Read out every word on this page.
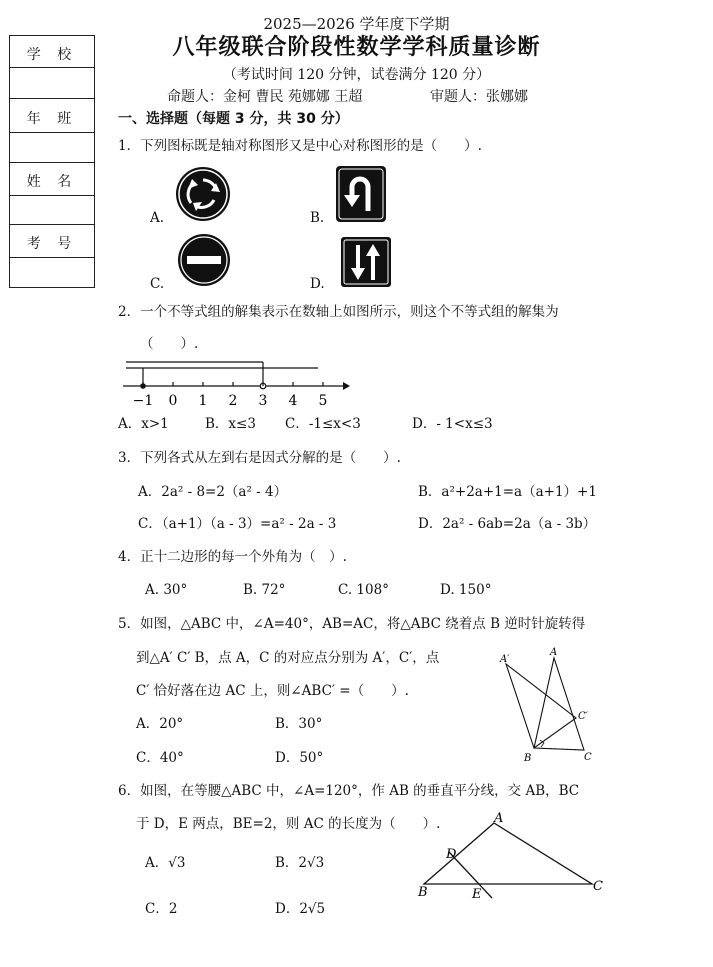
学 校
年 班
姓 名
考 号
2025—2026 学年度下学期
八年级联合阶段性数学学科质量诊断
（考试时间 120 分钟，试卷满分 120 分）
命题人：金柯 曹民 苑娜娜 王超	审题人：张娜娜
一、选择题（每题 3 分，共 30 分）
1．下列图标既是轴对称图形又是中心对称图形的是（　　）.
A.	B.
C.	D.
2．一个不等式组的解集表示在数轴上如图所示，则这个不等式组的解集为
（　　）.
−1 0 1 2 3 4 5
A．x>1	B．x≤3 C．-1≤x<3	D．- 1<x≤3
3．下列各式从左到右是因式分解的是（　　）.
A．2a² - 8=2（a² - 4）	B．a²+2a+1=a（a+1）+1
C．（a+1）（a - 3）=a² - 2a - 3	D．2a² - 6ab=2a（a - 3b）
4．正十二边形的每一个外角为（　）.
A. 30°	B. 72°	C. 108°	D. 150°
5．如图，△ABC 中，∠A=40°，AB=AC，将△ABC 绕着点 B 逆时针旋转得
到△A′ C′ B，点 A，C 的对应点分别为 A′，C′，点
C′ 恰好落在边 AC 上，则∠ABC′ =（　　）.
A．20°	B．30°
C．40°	D．50°
A′
A
C′
B	C
6．如图，在等腰△ABC 中，∠A=120°，作 AB 的垂直平分线，交 AB，BC
于 D，E 两点，BE=2，则 AC 的长度为（　　）.
A．√3	B．2√3
C．2	D．2√5
A
B	C
D
E
